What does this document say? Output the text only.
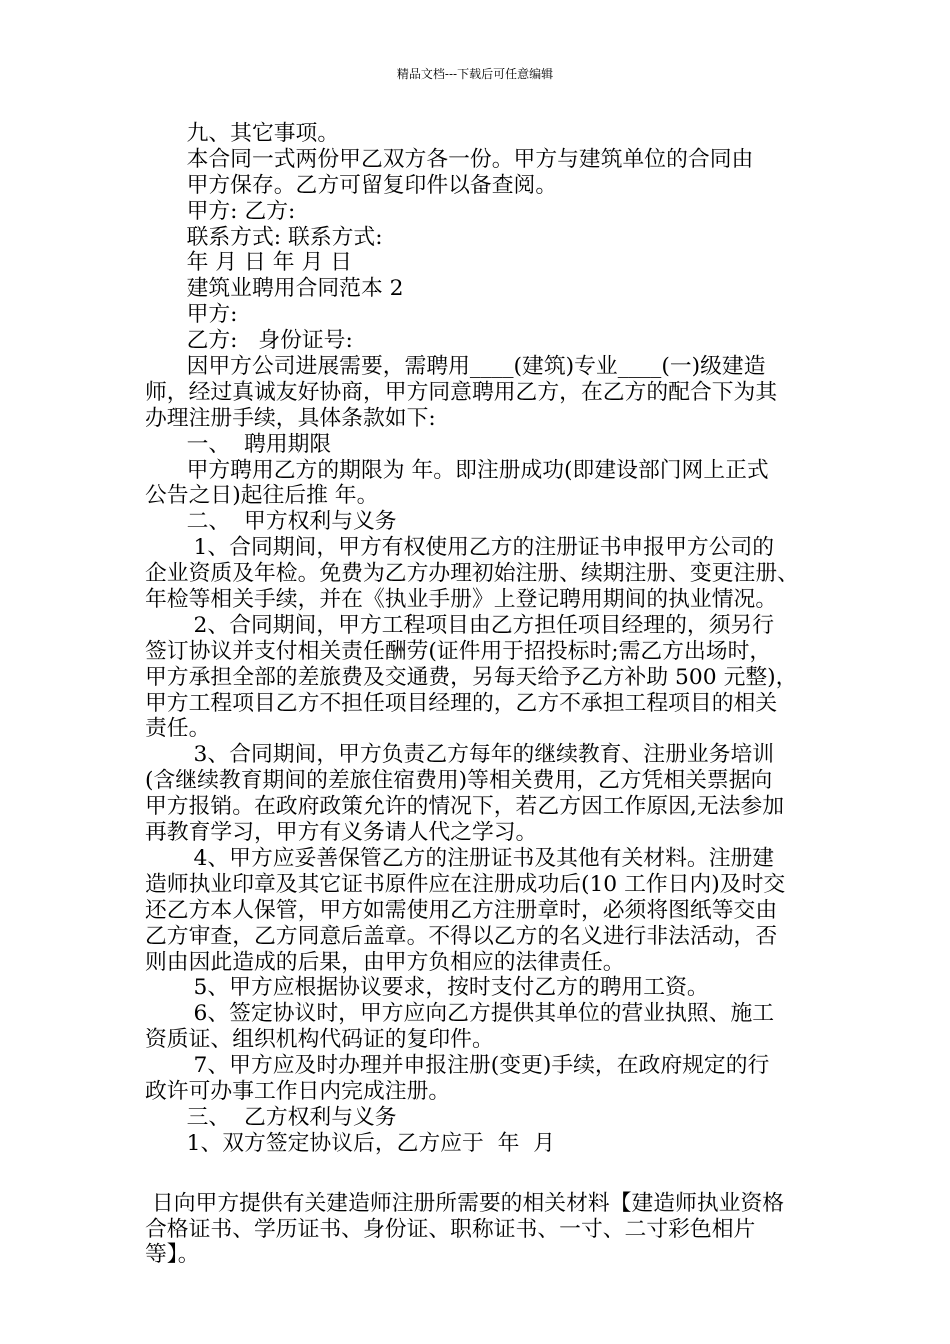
精品文档---下载后可任意编辑
九、其它事项。
本合同一式两份甲乙双方各一份。甲方与建筑单位的合同由
甲方保存。乙方可留复印件以备查阅。
甲方: 乙方:
联系方式: 联系方式:
年 月 日 年 月 日
建筑业聘用合同范本 2
甲方:
乙方:   身份证号:
因甲方公司进展需要，需聘用____(建筑)专业____(一)级建造
师，经过真诚友好协商，甲方同意聘用乙方，在乙方的配合下为其
办理注册手续，具体条款如下:
一、  聘用期限
甲方聘用乙方的期限为 年。即注册成功(即建设部门网上正式
公告之日)起往后推 年。
二、  甲方权利与义务
1、合同期间，甲方有权使用乙方的注册证书申报甲方公司的
企业资质及年检。免费为乙方办理初始注册、续期注册、变更注册、
年检等相关手续，并在《执业手册》上登记聘用期间的执业情况。
2、合同期间，甲方工程项目由乙方担任项目经理的，须另行
签订协议并支付相关责任酬劳(证件用于招投标时;需乙方出场时，
甲方承担全部的差旅费及交通费，另每天给予乙方补助 500 元整)，
甲方工程项目乙方不担任项目经理的，乙方不承担工程项目的相关
责任。
3、合同期间，甲方负责乙方每年的继续教育、注册业务培训
(含继续教育期间的差旅住宿费用)等相关费用，乙方凭相关票据向
甲方报销。在政府政策允许的情况下，若乙方因工作原因,无法参加
再教育学习，甲方有义务请人代之学习。
4、甲方应妥善保管乙方的注册证书及其他有关材料。注册建
造师执业印章及其它证书原件应在注册成功后(10 工作日内)及时交
还乙方本人保管，甲方如需使用乙方注册章时，必须将图纸等交由
乙方审查，乙方同意后盖章。不得以乙方的名义进行非法活动，否
则由因此造成的后果，由甲方负相应的法律责任。
5、甲方应根据协议要求，按时支付乙方的聘用工资。
6、签定协议时，甲方应向乙方提供其单位的营业执照、施工
资质证、组织机构代码证的复印件。
7、甲方应及时办理并申报注册(变更)手续，在政府规定的行
政许可办事工作日内完成注册。
三、  乙方权利与义务
1、双方签定协议后，乙方应于  年  月
日向甲方提供有关建造师注册所需要的相关材料【建造师执业资格
合格证书、学历证书、身份证、职称证书、一寸、二寸彩色相片
等】。
